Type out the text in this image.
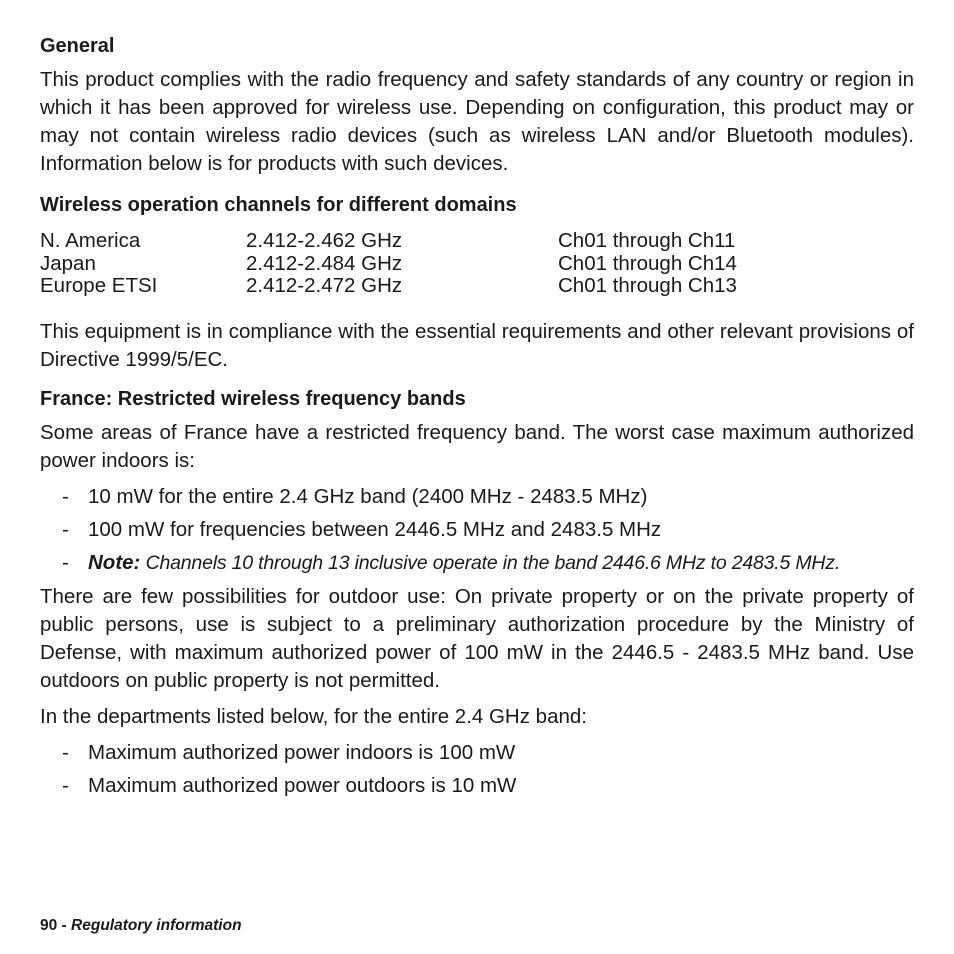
General
This product complies with the radio frequency and safety standards of any country or region in which it has been approved for wireless use. Depending on configuration, this product may or may not contain wireless radio devices (such as wireless LAN and/or Bluetooth modules). Information below is for products with such devices.
Wireless operation channels for different domains
N. America	2.412-2.462 GHz	Ch01 through Ch11
Japan	2.412-2.484 GHz	Ch01 through Ch14
Europe ETSI	2.412-2.472 GHz	Ch01 through Ch13
This equipment is in compliance with the essential requirements and other relevant provisions of Directive 1999/5/EC.
France: Restricted wireless frequency bands
Some areas of France have a restricted frequency band. The worst case maximum authorized power indoors is:
- 10 mW for the entire 2.4 GHz band (2400 MHz - 2483.5 MHz)
- 100 mW for frequencies between 2446.5 MHz and 2483.5 MHz
- Note: Channels 10 through 13 inclusive operate in the band 2446.6 MHz to 2483.5 MHz.
There are few possibilities for outdoor use: On private property or on the private property of public persons, use is subject to a preliminary authorization procedure by the Ministry of Defense, with maximum authorized power of 100 mW in the 2446.5 - 2483.5 MHz band. Use outdoors on public property is not permitted.
In the departments listed below, for the entire 2.4 GHz band:
- Maximum authorized power indoors is 100 mW
- Maximum authorized power outdoors is 10 mW
90 - Regulatory information
